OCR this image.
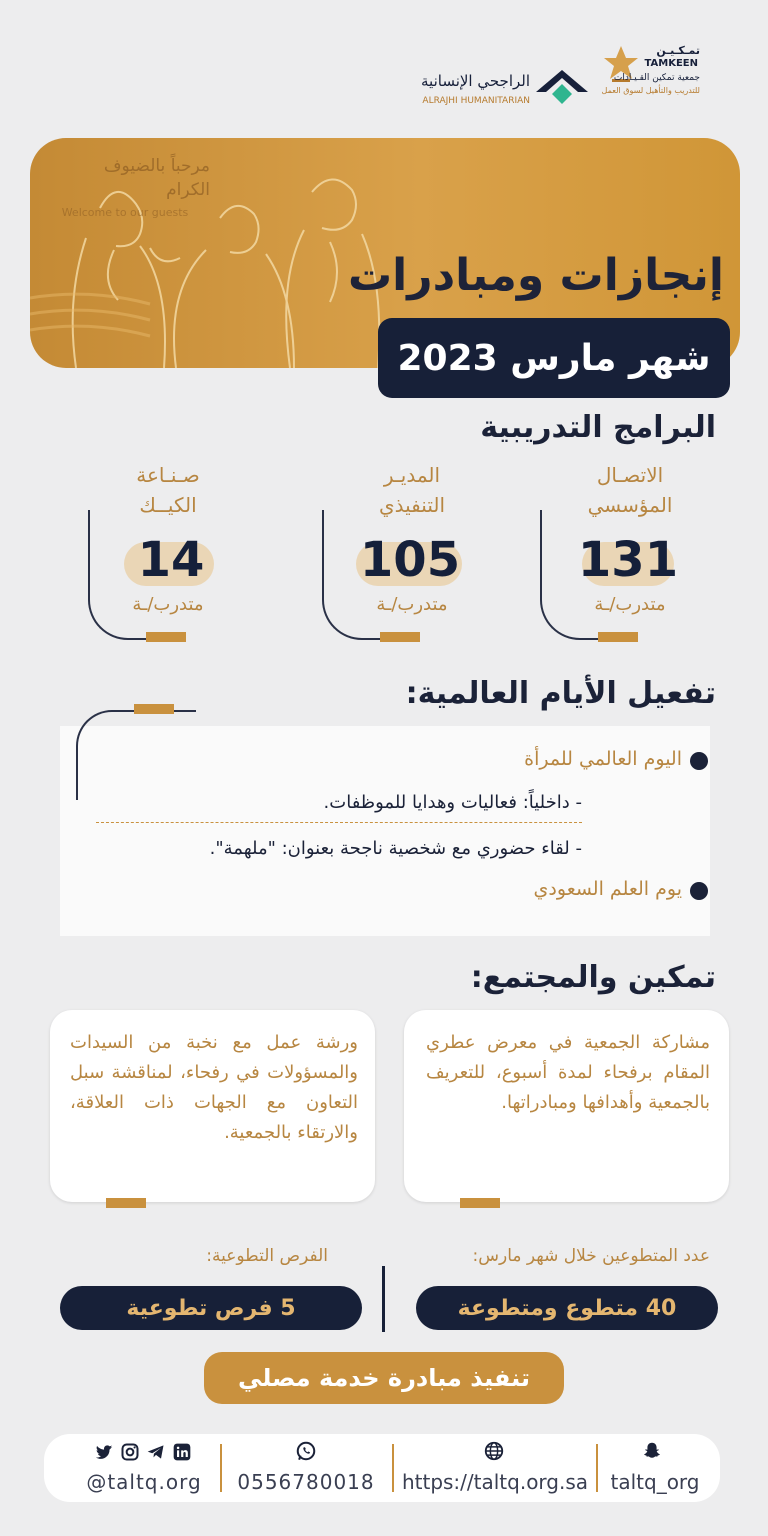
تمـكـيـن
TAMKEEN
جمعية تمكين القـيـادات
للتدريب والتأهيل لسوق العمل
الراجحي الإنسانية
ALRAJHI HUMANITARIAN
مرحباً بالضيوف الكرام
Welcome to our guests
إنجازات ومبادرات
شهر مارس 2023
البرامج التدريبية
الاتصـال
المؤسسي
131
متدرب/ـة
المديـر
التنفيذي
105
متدرب/ـة
صـنـاعة
الكيــك
14
متدرب/ـة
تفعيل الأيام العالمية:
اليوم العالمي للمرأة
- داخلياً: فعاليات وهدايا للموظفات.
- لقاء حضوري مع شخصية ناجحة بعنوان: "ملهمة".
يوم العلم السعودي
تمكين والمجتمع:
مشاركة الجمعية في معرض عطري المقام برفحاء لمدة أسبوع، للتعريف بالجمعية وأهدافها ومبادراتها.
ورشة عمل مع نخبة من السيدات والمسؤولات في رفحاء، لمناقشة سبل التعاون مع الجهات ذات العلاقة، والارتقاء بالجمعية.
عدد المتطوعين خلال شهر مارس:
40 متطوع ومتطوعة
الفرص التطوعية:
5 فرص تطوعية
تنفيذ مبادرة خدمة مصلي
@taltq.org	0556780018	https://taltq.org.sa	taltq_org
